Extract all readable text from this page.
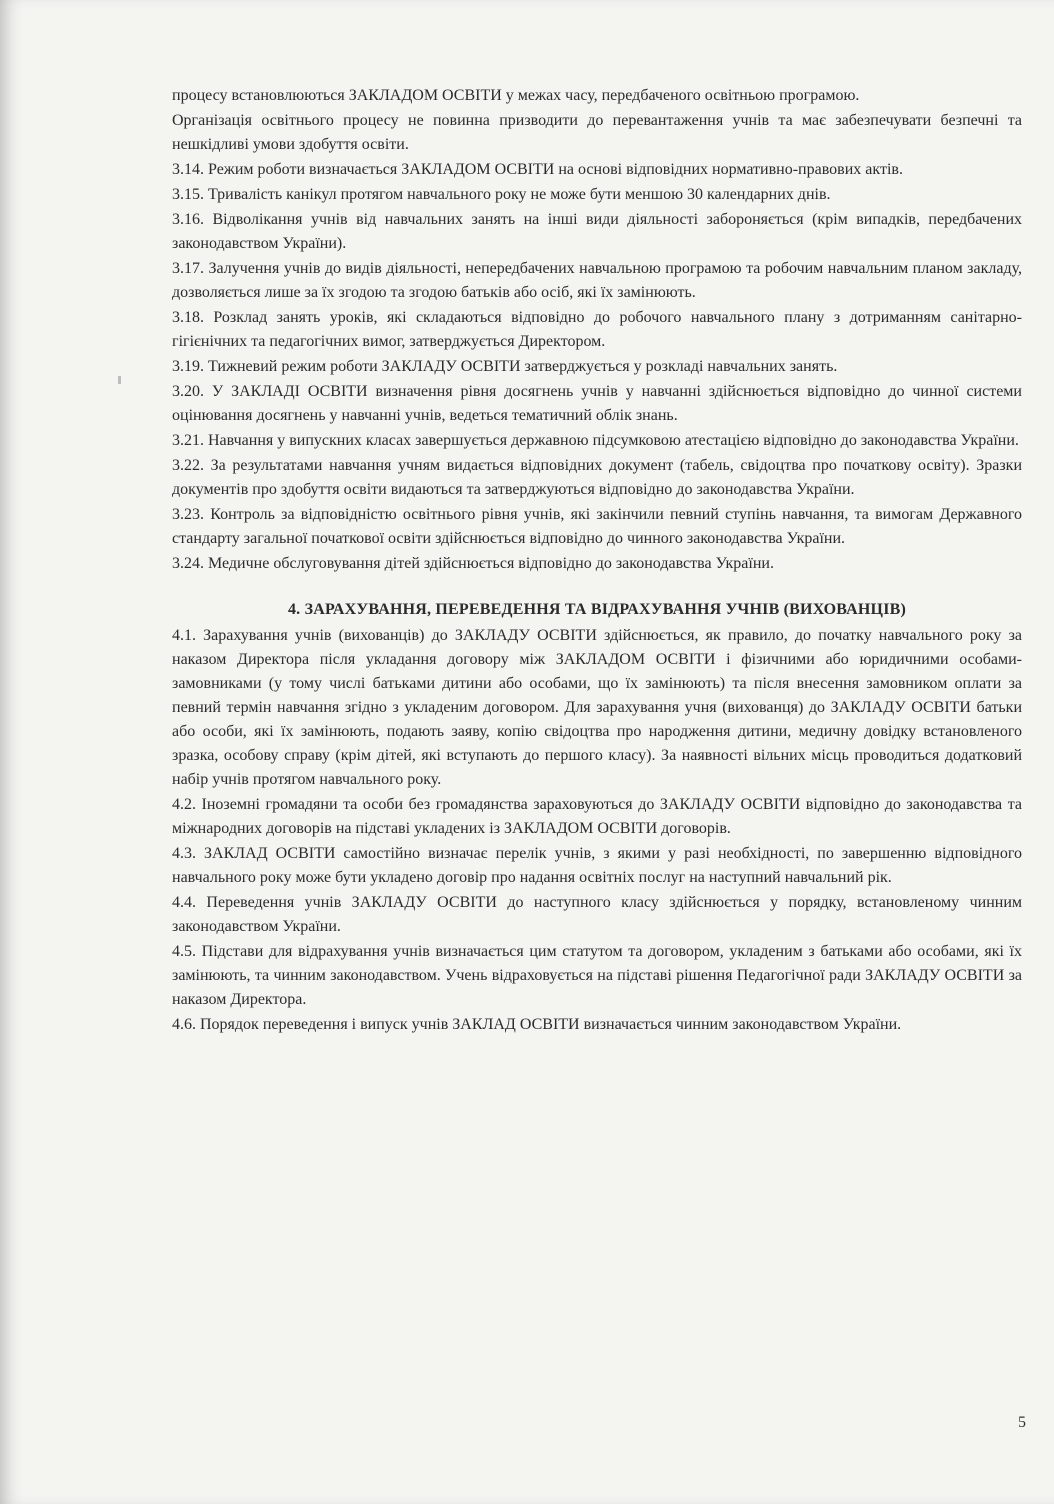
процесу встановлюються ЗАКЛАДОМ ОСВІТИ у межах часу, передбаченого освітньою програмою.

Організація освітнього процесу не повинна призводити до перевантаження учнів та має забезпечувати безпечні та нешкідливі умови здобуття освіти.

3.14. Режим роботи визначається ЗАКЛАДОМ ОСВІТИ на основі відповідних нормативно-правових актів.

3.15. Тривалість канікул протягом навчального року не може бути меншою 30 календарних днів.

3.16. Відволікання учнів від навчальних занять на інші види діяльності забороняється (крім випадків, передбачених законодавством України).

3.17. Залучення учнів до видів діяльності, непередбачених навчальною програмою та робочим навчальним планом закладу, дозволяється лише за їх згодою та згодою батьків або осіб, які їх замінюють.

3.18. Розклад занять уроків, які складаються відповідно до робочого навчального плану з дотриманням санітарно-гігієнічних та педагогічних вимог, затверджується Директором.

3.19. Тижневий режим роботи ЗАКЛАДУ ОСВІТИ затверджується у розкладі навчальних занять.

3.20. У ЗАКЛАДІ ОСВІТИ визначення рівня досягнень учнів у навчанні здійснюється відповідно до чинної системи оцінювання досягнень у навчанні учнів, ведеться тематичний облік знань.

3.21. Навчання у випускних класах завершується державною підсумковою атестацією відповідно до законодавства України.

3.22. За результатами навчання учням видається відповідних документ (табель, свідоцтва про початкову освіту). Зразки документів про здобуття освіти видаються та затверджуються відповідно до законодавства України.

3.23. Контроль за відповідністю освітнього рівня учнів, які закінчили певний ступінь навчання, та вимогам Державного стандарту загальної початкової освіти здійснюється відповідно до чинного законодавства України.

3.24. Медичне обслуговування дітей здійснюється відповідно до законодавства України.

4. ЗАРАХУВАННЯ, ПЕРЕВЕДЕННЯ ТА ВІДРАХУВАННЯ УЧНІВ (ВИХОВАНЦІВ)

4.1. Зарахування учнів (вихованців) до ЗАКЛАДУ ОСВІТИ здійснюється, як правило, до початку навчального року за наказом Директора після укладання договору між ЗАКЛАДОМ ОСВІТИ і фізичними або юридичними особами-замовниками (у тому числі батьками дитини або особами, що їх замінюють) та після внесення замовником оплати за певний термін навчання згідно з укладеним договором. Для зарахування учня (вихованця) до ЗАКЛАДУ ОСВІТИ батьки або особи, які їх замінюють, подають заяву, копію свідоцтва про народження дитини, медичну довідку встановленого зразка, особову справу (крім дітей, які вступають до першого класу). За наявності вільних місць проводиться додатковий набір учнів протягом навчального року.

4.2. Іноземні громадяни та особи без громадянства зараховуються до ЗАКЛАДУ ОСВІТИ відповідно до законодавства та міжнародних договорів на підставі укладених із ЗАКЛАДОМ ОСВІТИ договорів.

4.3. ЗАКЛАД ОСВІТИ самостійно визначає перелік учнів, з якими у разі необхідності, по завершенню відповідного навчального року може бути укладено договір про надання освітніх послуг на наступний навчальний рік.

4.4. Переведення учнів ЗАКЛАДУ ОСВІТИ до наступного класу здійснюється у порядку, встановленому чинним законодавством України.

4.5. Підстави для відрахування учнів визначається цим статутом та договором, укладеним з батьками або особами, які їх замінюють, та чинним законодавством. Учень відраховується на підставі рішення Педагогічної ради ЗАКЛАДУ ОСВІТИ за наказом Директора.

4.6. Порядок переведення і випуск учнів ЗАКЛАД ОСВІТИ визначається чинним законодавством України.

5
